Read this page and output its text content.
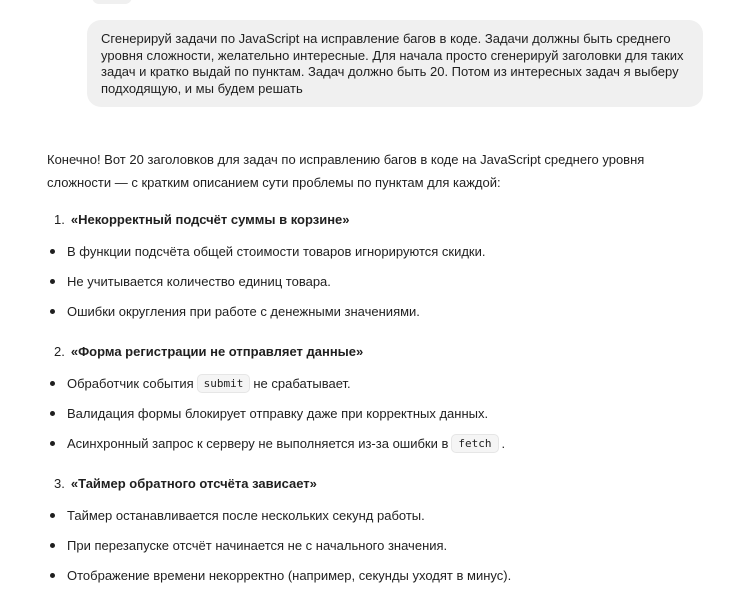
Сгенерируй задачи по JavaScript на исправление багов в коде. Задачи должны быть среднего уровня сложности, желательно интересные. Для начала просто сгенерируй заголовки для таких задач и кратко выдай по пунктам. Задач должно быть 20. Потом из интересных задач я выберу подходящую, и мы будем решать

Конечно! Вот 20 заголовков для задач по исправлению багов в коде на JavaScript среднего уровня сложности — с кратким описанием сути проблемы по пунктам для каждой:

1. «Некорректный подсчёт суммы в корзине»
В функции подсчёта общей стоимости товаров игнорируются скидки.
Не учитывается количество единиц товара.
Ошибки округления при работе с денежными значениями.
2. «Форма регистрации не отправляет данные»
Обработчик события submit не срабатывает.
Валидация формы блокирует отправку даже при корректных данных.
Асинхронный запрос к серверу не выполняется из-за ошибки в fetch .
3. «Таймер обратного отсчёта зависает»
Таймер останавливается после нескольких секунд работы.
При перезапуске отсчёт начинается не с начального значения.
Отображение времени некорректно (например, секунды уходят в минус).
